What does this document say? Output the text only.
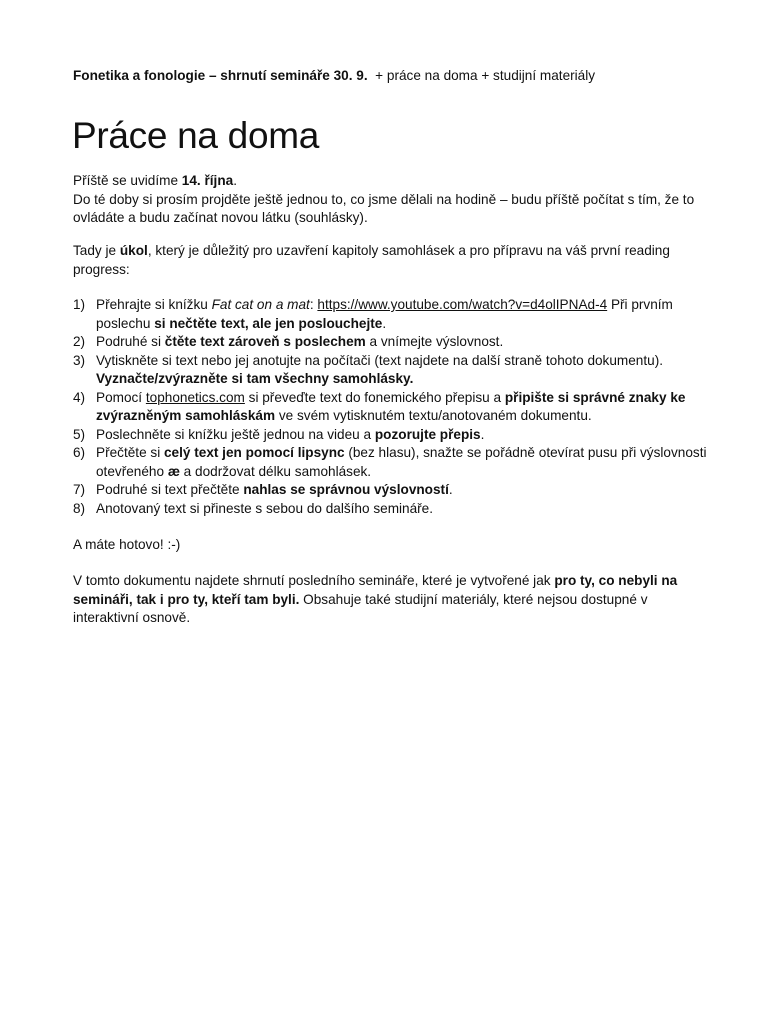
Fonetika a fonologie – shrnutí semináře 30. 9. + práce na doma + studijní materiály
Práce na doma

Příště se uvidíme 14. října.

Do té doby si prosím projděte ještě jednou to, co jsme dělali na hodině – budu příště počítat s tím, že to ovládáte a budu začínat novou látku (souhlásky).

Tady je úkol, který je důležitý pro uzavření kapitoly samohlásek a pro přípravu na váš první reading progress:

1) Přehrajte si knížku Fat cat on a mat: https://www.youtube.com/watch?v=d4olIPNAd-4 Při prvním poslechu si nečtěte text, ale jen poslouchejte.
2) Podruhé si čtěte text zároveň s poslechem a vnímejte výslovnost.
3) Vytiskněte si text nebo jej anotujte na počítači (text najdete na další straně tohoto dokumentu). Vyznačte/zvýrazněte si tam všechny samohlásky.
4) Pomocí tophonetics.com si převeďte text do fonemického přepisu a připište si správné znaky ke zvýrazněným samohláskám ve svém vytisknutém textu/anotovaném dokumentu.
5) Poslechněte si knížku ještě jednou na videu a pozorujte přepis.
6) Přečtěte si celý text jen pomocí lipsync (bez hlasu), snažte se pořádně otevírat pusu při výslovnosti otevřeného æ a dodržovat délku samohlásek.
7) Podruhé si text přečtěte nahlas se správnou výslovností.
8) Anotovaný text si přineste s sebou do dalšího semináře.

A máte hotovo! :-)

V tomto dokumentu najdete shrnutí posledního semináře, které je vytvořené jak pro ty, co nebyli na semináři, tak i pro ty, kteří tam byli. Obsahuje také studijní materiály, které nejsou dostupné v interaktivní osnově.
